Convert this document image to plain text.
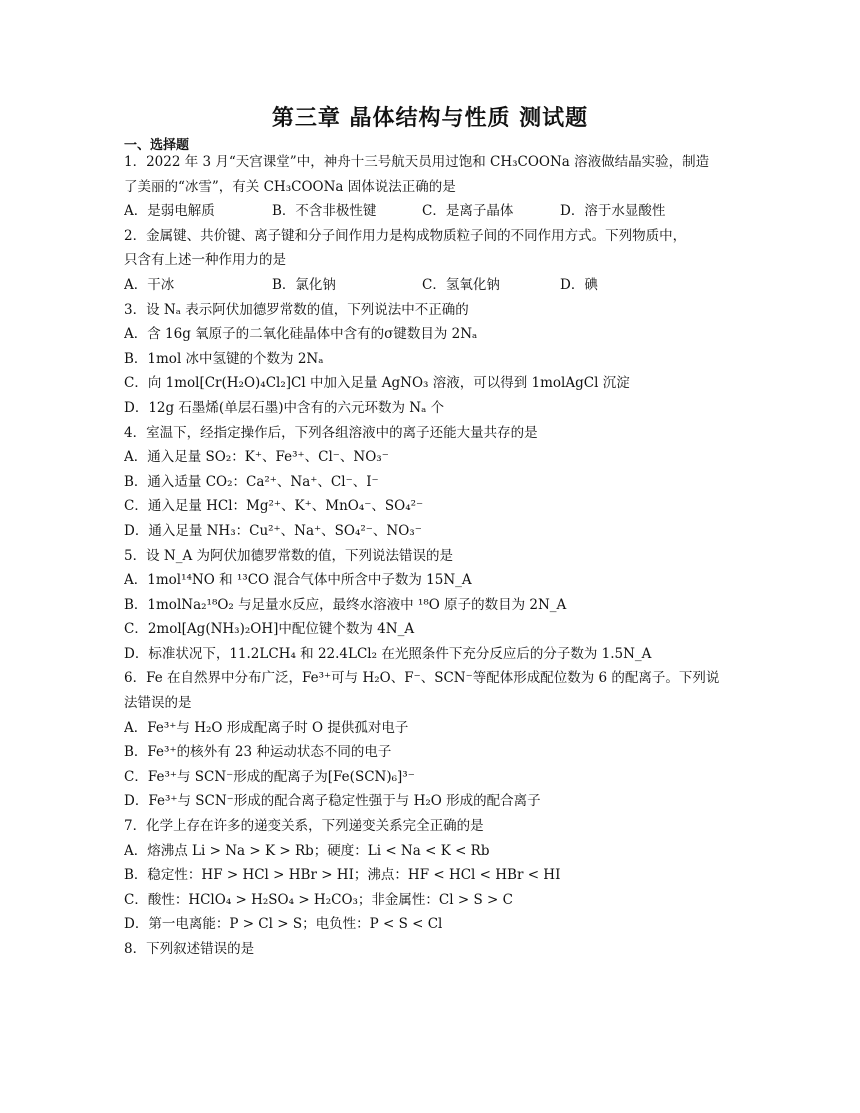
第三章 晶体结构与性质 测试题
一、选择题
1．2022 年 3 月“天宫课堂”中，神舟十三号航天员用过饱和 CH₃COONa 溶液做结晶实验，制造
了美丽的“冰雪”，有关 CH₃COONa 固体说法正确的是
A．是弱电解质	B．不含非极性键	C．是离子晶体	D．溶于水显酸性
2．金属键、共价键、离子键和分子间作用力是构成物质粒子间的不同作用方式。下列物质中，
只含有上述一种作用力的是
A．干冰	B．氯化钠	C．氢氧化钠	D．碘
3．设 Nₐ 表示阿伏加德罗常数的值，下列说法中不正确的
A．含 16g 氧原子的二氧化硅晶体中含有的σ键数目为 2Nₐ
B．1mol 冰中氢键的个数为 2Nₐ
C．向 1mol[Cr(H₂O)₄Cl₂]Cl 中加入足量 AgNO₃ 溶液，可以得到 1molAgCl 沉淀
D．12g 石墨烯(单层石墨)中含有的六元环数为 Nₐ 个
4．室温下，经指定操作后，下列各组溶液中的离子还能大量共存的是
A．通入足量 SO₂：K⁺、Fe³⁺、Cl⁻、NO₃⁻
B．通入适量 CO₂：Ca²⁺、Na⁺、Cl⁻、I⁻
C．通入足量 HCl：Mg²⁺、K⁺、MnO₄⁻、SO₄²⁻
D．通入足量 NH₃：Cu²⁺、Na⁺、SO₄²⁻、NO₃⁻
5．设 N_A 为阿伏加德罗常数的值，下列说法错误的是
A．1mol¹⁴NO 和 ¹³CO 混合气体中所含中子数为 15N_A
B．1molNa₂¹⁸O₂ 与足量水反应，最终水溶液中 ¹⁸O 原子的数目为 2N_A
C．2mol[Ag(NH₃)₂OH]中配位键个数为 4N_A
D．标准状况下，11.2LCH₄ 和 22.4LCl₂ 在光照条件下充分反应后的分子数为 1.5N_A
6．Fe 在自然界中分布广泛，Fe³⁺可与 H₂O、F⁻、SCN⁻等配体形成配位数为 6 的配离子。下列说
法错误的是
A．Fe³⁺与 H₂O 形成配离子时 O 提供孤对电子
B．Fe³⁺的核外有 23 种运动状态不同的电子
C．Fe³⁺与 SCN⁻形成的配离子为[Fe(SCN)₆]³⁻
D．Fe³⁺与 SCN⁻形成的配合离子稳定性强于与 H₂O 形成的配合离子
7．化学上存在许多的递变关系，下列递变关系完全正确的是
A．熔沸点 Li > Na > K > Rb；硬度：Li < Na < K < Rb
B．稳定性：HF > HCl > HBr > HI；沸点：HF < HCl < HBr < HI
C．酸性：HClO₄ > H₂SO₄ > H₂CO₃；非金属性：Cl > S > C
D．第一电离能：P > Cl > S；电负性：P < S < Cl
8．下列叙述错误的是
